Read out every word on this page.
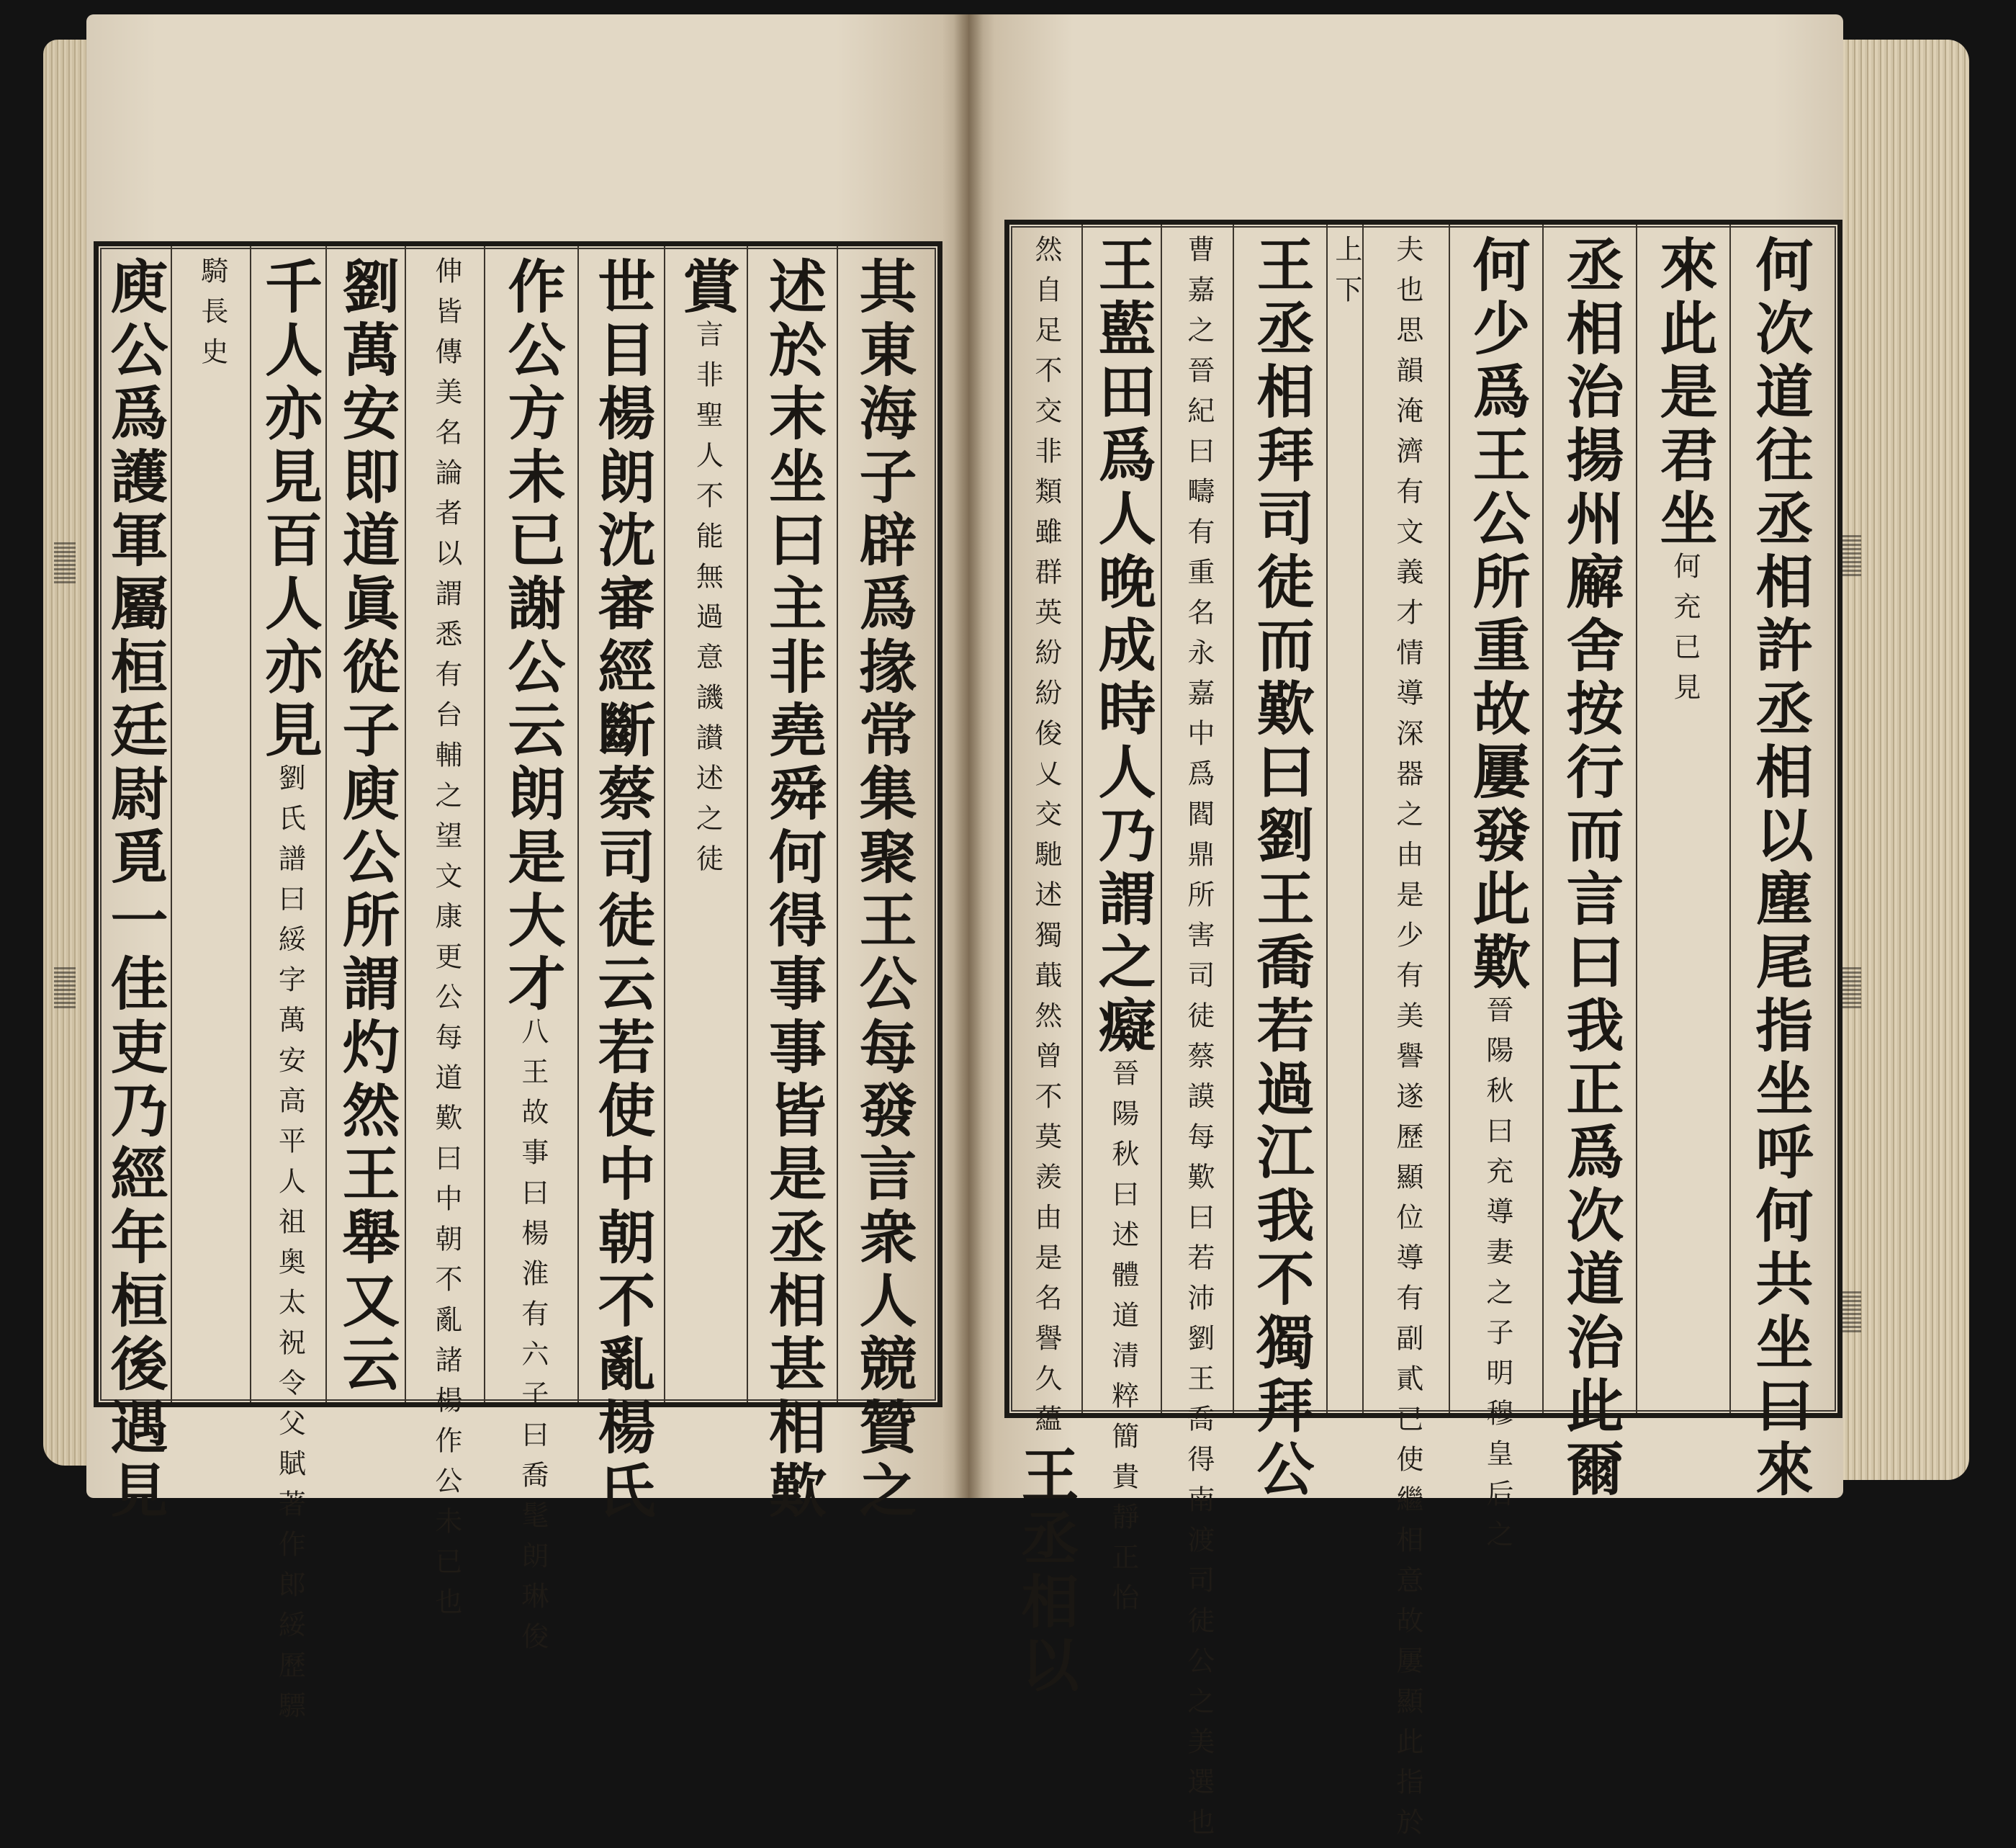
庾公爲護軍屬桓廷尉覓一佳吏乃經年桓後遇見 騎長史 千人亦見百人亦見
劉氏譜曰綏字萬安高平人祖奥太祝令父賦著作郎綏歷驃 劉萬安即道眞從子庾公所謂灼然王舉又云 伸皆傳美名論者以謂悉有台輔之望文康更公每道歎曰中朝不亂諸楊作公未已也 作公方未已謝公云朗是大才
八王故事曰楊淮有六子曰喬髦朗琳俊 世目楊朗沈審經斷蔡司徒云若使中朝不亂楊氏 賞
言非聖人不能無過意譏讃述之徒 述於末坐曰主非堯舜何得事事皆是丞相甚相歎 其東海子辟爲掾常集聚王公每發言衆人競贊之	然自足不交非類雖群英紛紛俊乂交馳述獨蕺然曾不莫羨由是名譽久蘊
王丞相以
王藍田爲人晚成時人乃謂之癡
晉陽秋曰述體道清粹簡貴靜正怡 曹嘉之晉紀曰疇有重名永嘉中爲閻鼎所害司徒蔡謨每歎曰若沛劉王喬得南渡司徒公之美選也 王丞相拜司徒而歎曰劉王喬若過江我不獨拜公 上下 夫也思韻淹濟有文義才情導深器之由是少有美譽遂歷顯位導有副貳已使繼相意故屢顯此指於 何少爲王公所重故屢發此歎
晉陽秋曰充導妻之子明穆皇后之 丞相治揚州廨舍按行而言曰我正爲次道治此爾 來此是君坐
何充已見 何次道往丞相許丞相以塵尾指坐呼何共坐曰來
